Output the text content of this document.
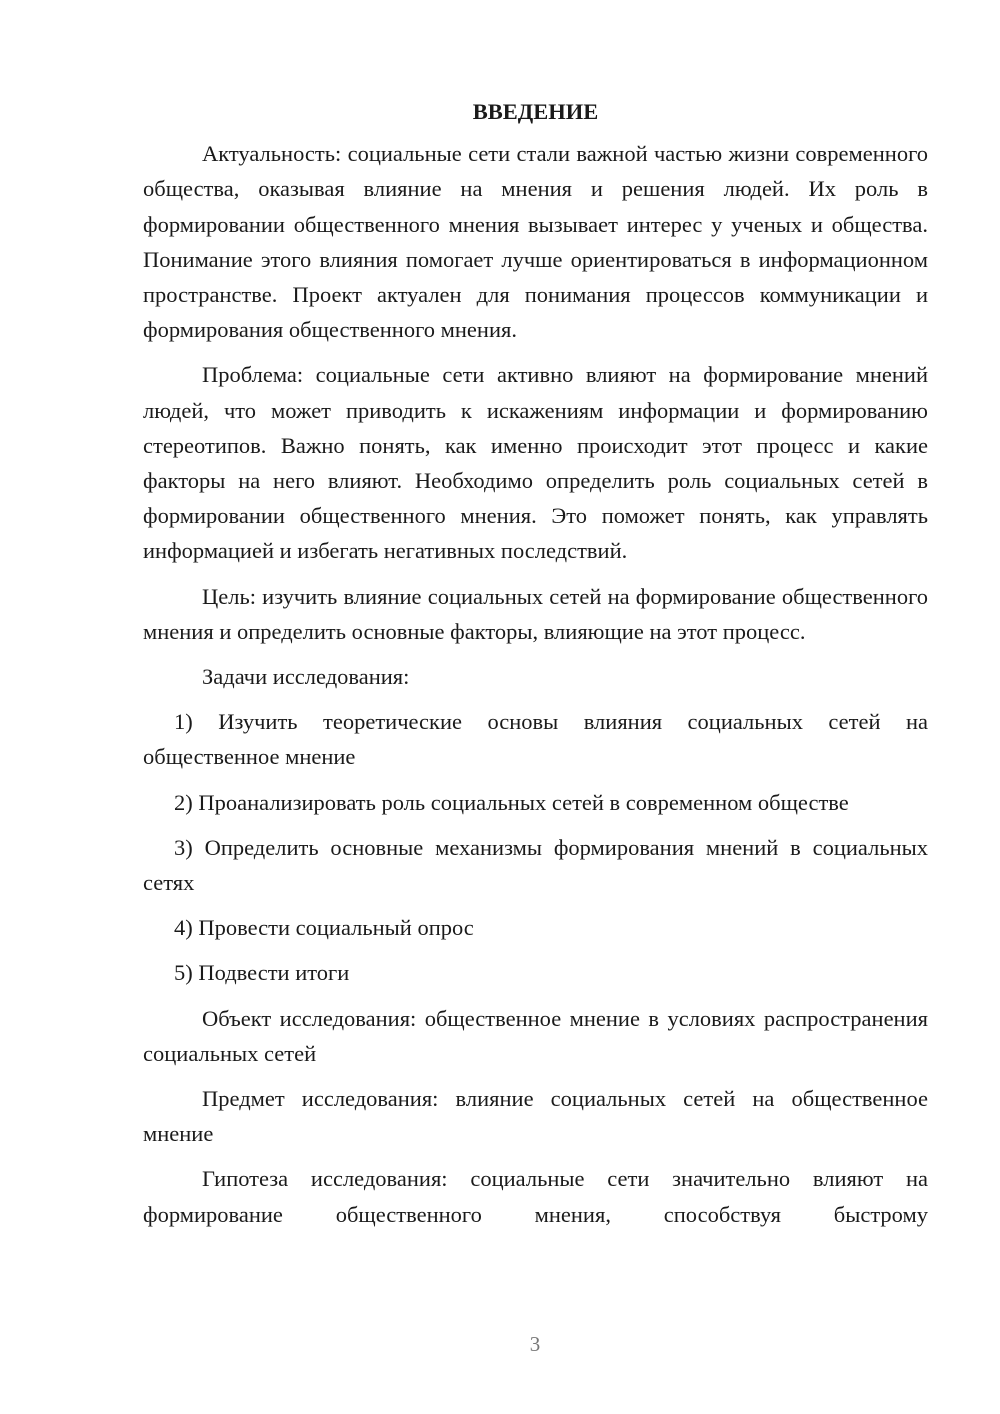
ВВЕДЕНИЕ

Актуальность: социальные сети стали важной частью жизни современного общества, оказывая влияние на мнения и решения людей. Их роль в формировании общественного мнения вызывает интерес у ученых и общества. Понимание этого влияния помогает лучше ориентироваться в информационном пространстве. Проект актуален для понимания процессов коммуникации и формирования общественного мнения.

Проблема: социальные сети активно влияют на формирование мнений людей, что может приводить к искажениям информации и формированию стереотипов. Важно понять, как именно происходит этот процесс и какие факторы на него влияют. Необходимо определить роль социальных сетей в формировании общественного мнения. Это поможет понять, как управлять информацией и избегать негативных последствий.

Цель: изучить влияние социальных сетей на формирование общественного мнения и определить основные факторы, влияющие на этот процесс.

Задачи исследования:

1) Изучить теоретические основы влияния социальных сетей на общественное мнение

2) Проанализировать роль социальных сетей в современном обществе

3) Определить основные механизмы формирования мнений в социальных сетях

4) Провести социальный опрос

5) Подвести итоги

Объект исследования: общественное мнение в условиях распространения социальных сетей

Предмет исследования: влияние социальных сетей на общественное мнение

Гипотеза исследования: социальные сети значительно влияют на формирование общественного мнения, способствуя быстрому

3
